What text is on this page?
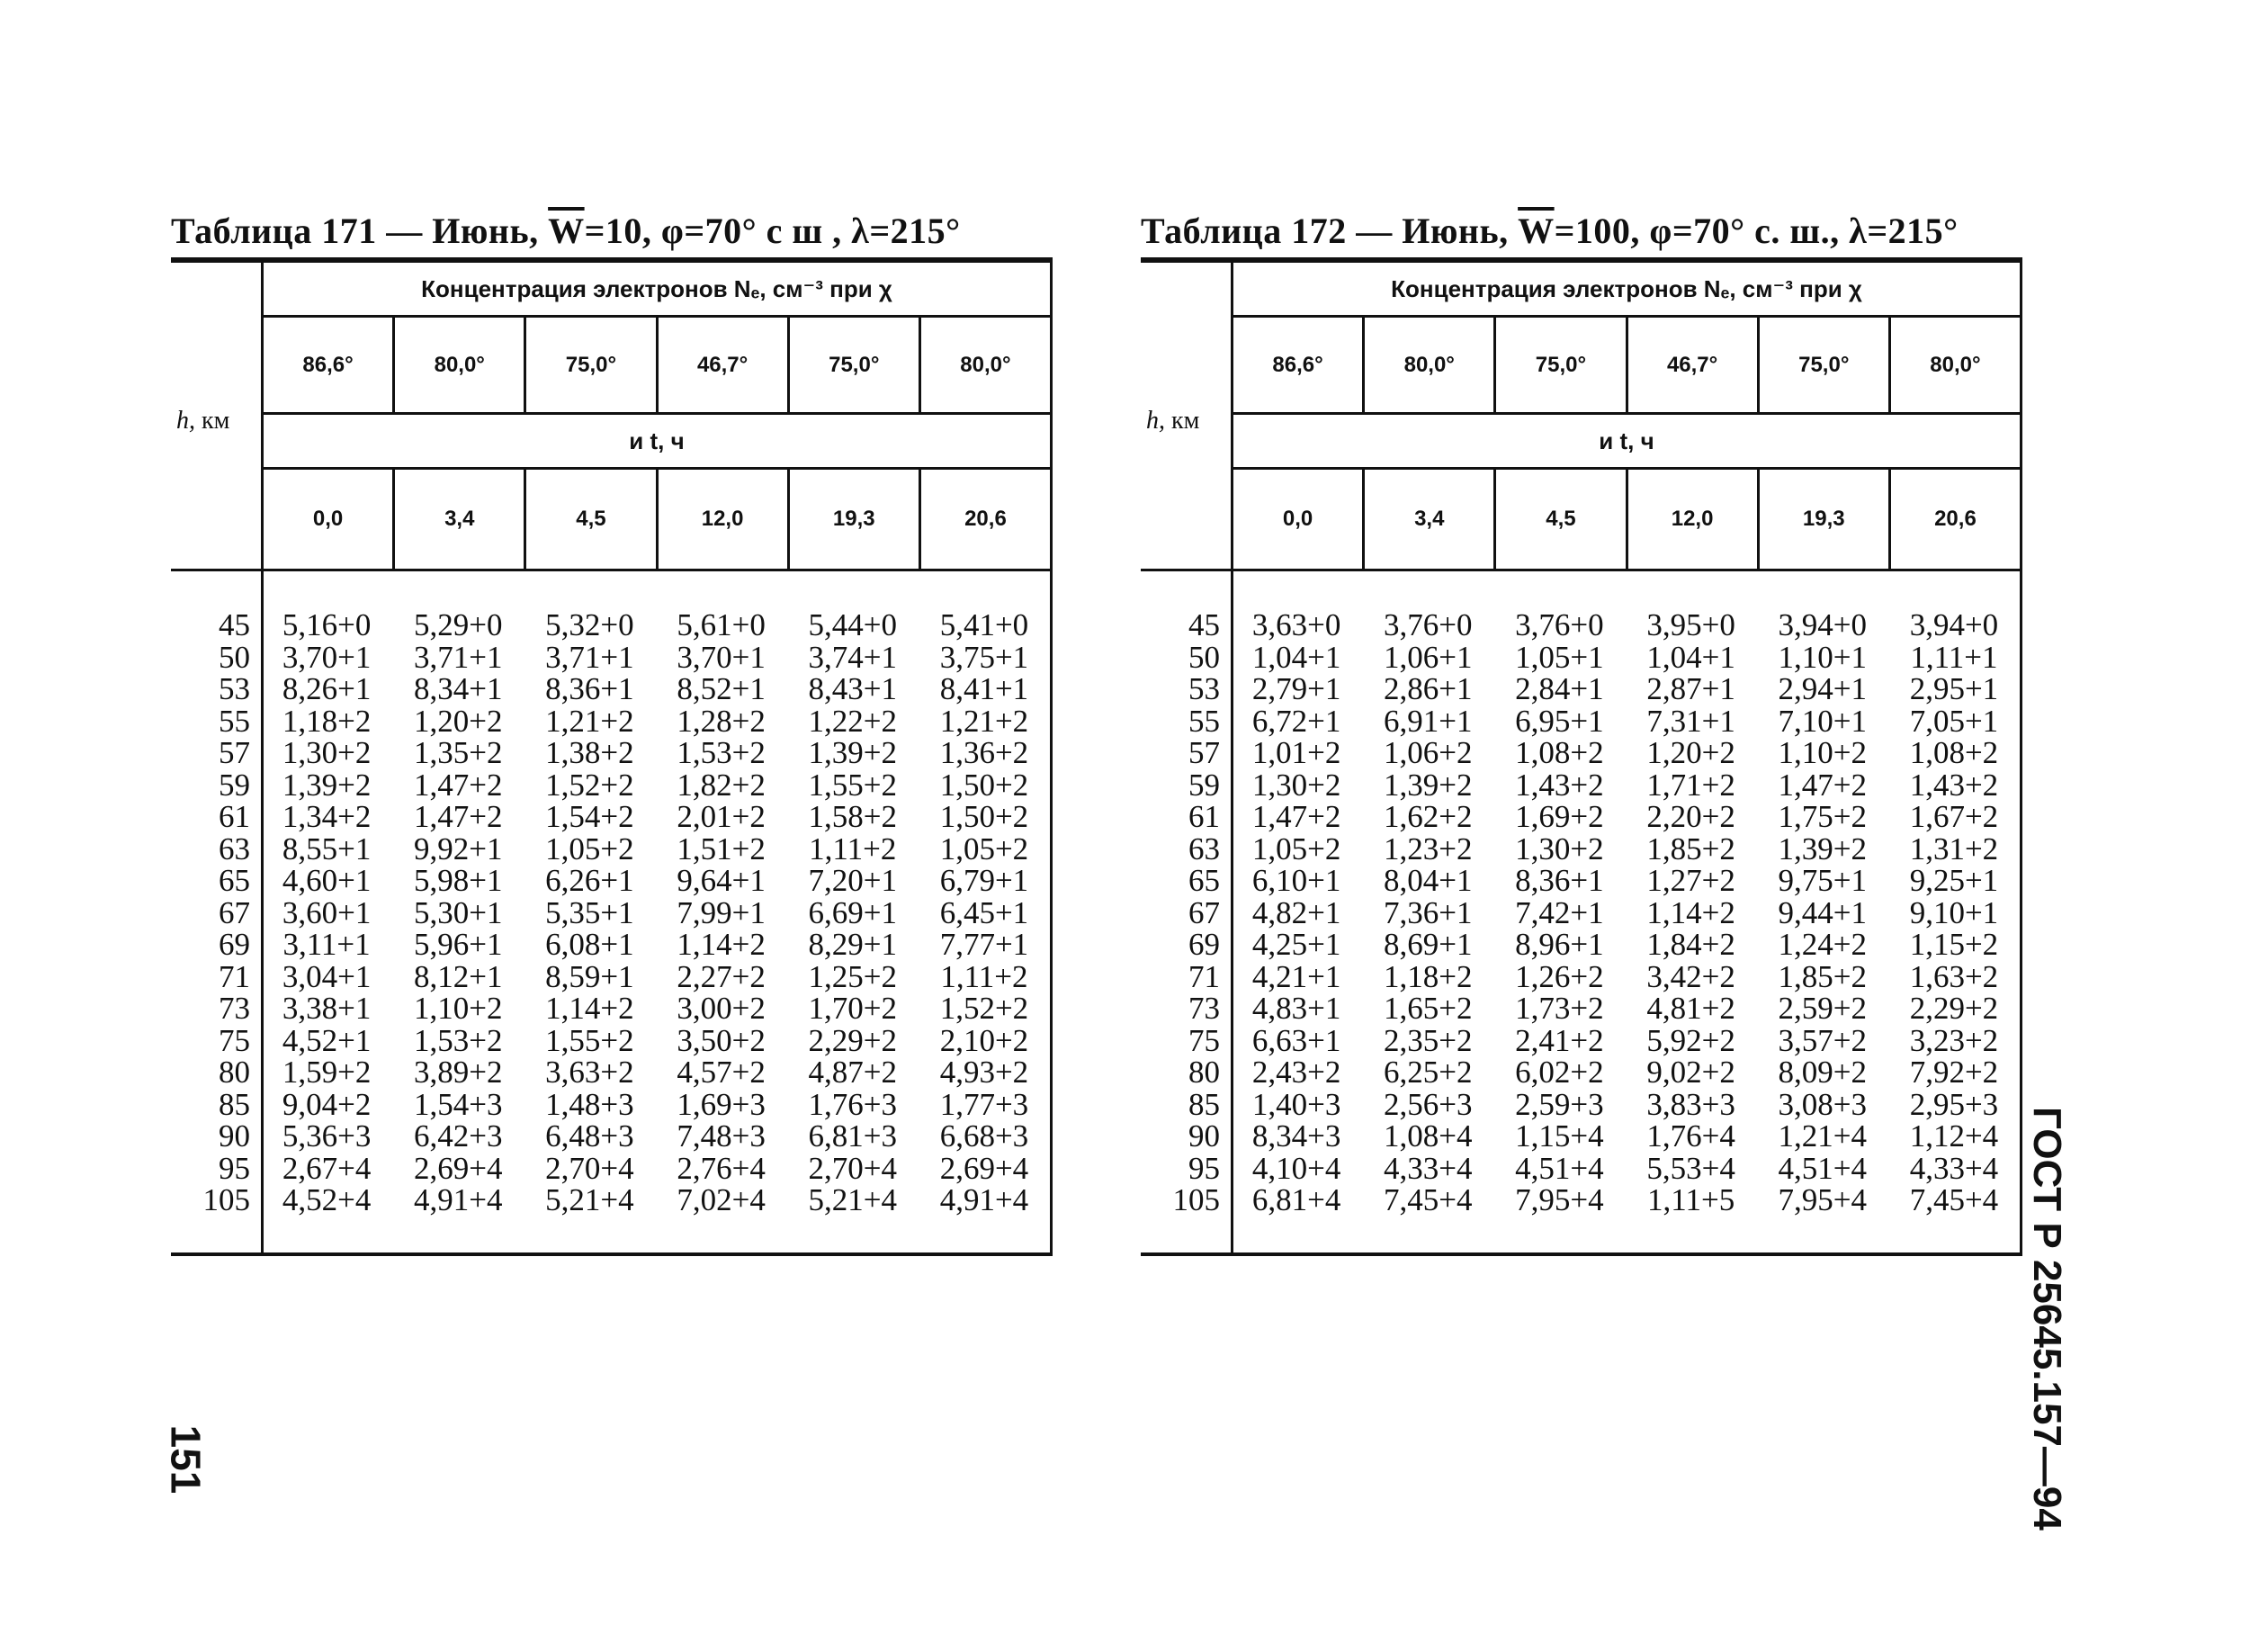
Таблица 171 — Июнь, $\overline{W}=10$, φ=70° с ш , λ=215°
h, км
Концентрация электронов Nₑ, см⁻³ при χ
86,6°	80,0°	75,0°	46,7°	75,0°	80,0°
и t, ч
0,0	3,4	4,5	12,0	19,3	20,6
45	5,16+0	5,29+0	5,32+0	5,61+0	5,44+0	5,41+0
50	3,70+1	3,71+1	3,71+1	3,70+1	3,74+1	3,75+1
53	8,26+1	8,34+1	8,36+1	8,52+1	8,43+1	8,41+1
55	1,18+2	1,20+2	1,21+2	1,28+2	1,22+2	1,21+2
57	1,30+2	1,35+2	1,38+2	1,53+2	1,39+2	1,36+2
59	1,39+2	1,47+2	1,52+2	1,82+2	1,55+2	1,50+2
61	1,34+2	1,47+2	1,54+2	2,01+2	1,58+2	1,50+2
63	8,55+1	9,92+1	1,05+2	1,51+2	1,11+2	1,05+2
65	4,60+1	5,98+1	6,26+1	9,64+1	7,20+1	6,79+1
67	3,60+1	5,30+1	5,35+1	7,99+1	6,69+1	6,45+1
69	3,11+1	5,96+1	6,08+1	1,14+2	8,29+1	7,77+1
71	3,04+1	8,12+1	8,59+1	2,27+2	1,25+2	1,11+2
73	3,38+1	1,10+2	1,14+2	3,00+2	1,70+2	1,52+2
75	4,52+1	1,53+2	1,55+2	3,50+2	2,29+2	2,10+2
80	1,59+2	3,89+2	3,63+2	4,57+2	4,87+2	4,93+2
85	9,04+2	1,54+3	1,48+3	1,69+3	1,76+3	1,77+3
90	5,36+3	6,42+3	6,48+3	7,48+3	6,81+3	6,68+3
95	2,67+4	2,69+4	2,70+4	2,76+4	2,70+4	2,69+4
105	4,52+4	4,91+4	5,21+4	7,02+4	5,21+4	4,91+4
Таблица 172 — Июнь, $\overline{W}=100$, φ=70° с. ш., λ=215°
h, км
Концентрация электронов Nₑ, см⁻³ при χ
86,6°	80,0°	75,0°	46,7°	75,0°	80,0°
и t, ч
0,0	3,4	4,5	12,0	19,3	20,6
45	3,63+0	3,76+0	3,76+0	3,95+0	3,94+0	3,94+0
50	1,04+1	1,06+1	1,05+1	1,04+1	1,10+1	1,11+1
53	2,79+1	2,86+1	2,84+1	2,87+1	2,94+1	2,95+1
55	6,72+1	6,91+1	6,95+1	7,31+1	7,10+1	7,05+1
57	1,01+2	1,06+2	1,08+2	1,20+2	1,10+2	1,08+2
59	1,30+2	1,39+2	1,43+2	1,71+2	1,47+2	1,43+2
61	1,47+2	1,62+2	1,69+2	2,20+2	1,75+2	1,67+2
63	1,05+2	1,23+2	1,30+2	1,85+2	1,39+2	1,31+2
65	6,10+1	8,04+1	8,36+1	1,27+2	9,75+1	9,25+1
67	4,82+1	7,36+1	7,42+1	1,14+2	9,44+1	9,10+1
69	4,25+1	8,69+1	8,96+1	1,84+2	1,24+2	1,15+2
71	4,21+1	1,18+2	1,26+2	3,42+2	1,85+2	1,63+2
73	4,83+1	1,65+2	1,73+2	4,81+2	2,59+2	2,29+2
75	6,63+1	2,35+2	2,41+2	5,92+2	3,57+2	3,23+2
80	2,43+2	6,25+2	6,02+2	9,02+2	8,09+2	7,92+2
85	1,40+3	2,56+3	2,59+3	3,83+3	3,08+3	2,95+3
90	8,34+3	1,08+4	1,15+4	1,76+4	1,21+4	1,12+4
95	4,10+4	4,33+4	4,51+4	5,53+4	4,51+4	4,33+4
105	6,81+4	7,45+4	7,95+4	1,11+5	7,95+4	7,45+4 ГОСТ Р 25645.157—94
151
